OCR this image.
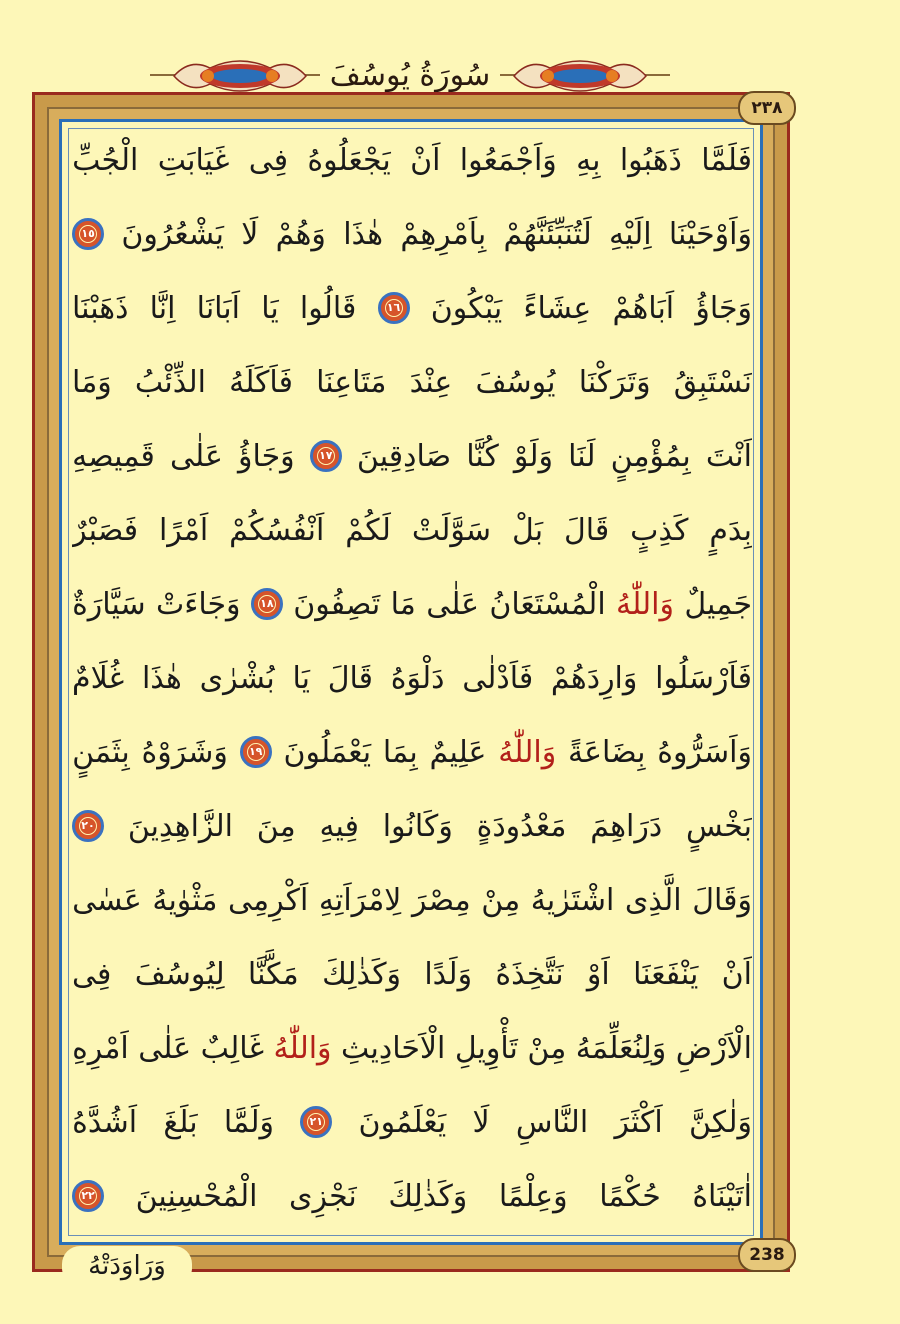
سُورَةُ يُوسُفَ
٢٣٨
238
فَلَمَّا
ذَهَبُوا
بِهِ
وَاَجْمَعُوا
اَنْ
يَجْعَلُوهُ
فِى
غَيَابَتِ
الْجُبِّ
وَاَوْحَيْنَا
اِلَيْهِ
لَتُنَبِّئَنَّهُمْ
بِاَمْرِهِمْ
هٰذَا
وَهُمْ
لَا
يَشْعُرُونَ
١٥
وَجَاؤُ
اَبَاهُمْ
عِشَاءً
يَبْكُونَ
١٦
قَالُوا
يَا
اَبَانَا
اِنَّا
ذَهَبْنَا
نَسْتَبِقُ
وَتَرَكْنَا
يُوسُفَ
عِنْدَ
مَتَاعِنَا
فَاَكَلَهُ
الذِّئْبُ
وَمَا
اَنْتَ
بِمُؤْمِنٍ
لَنَا
وَلَوْ
كُنَّا
صَادِقِينَ
١٧
وَجَاؤُ
عَلٰى
قَمِيصِهِ
بِدَمٍ
كَذِبٍ
قَالَ
بَلْ
سَوَّلَتْ
لَكُمْ
اَنْفُسُكُمْ
اَمْرًا
فَصَبْرٌ
جَمِيلٌ
وَاللّٰهُ
الْمُسْتَعَانُ
عَلٰى
مَا
تَصِفُونَ
١٨
وَجَاءَتْ
سَيَّارَةٌ
فَاَرْسَلُوا
وَارِدَهُمْ
فَاَدْلٰى
دَلْوَهُ
قَالَ
يَا
بُشْرٰى
هٰذَا
غُلَامٌ
وَاَسَرُّوهُ
بِضَاعَةً
وَاللّٰهُ
عَلِيمٌ
بِمَا
يَعْمَلُونَ
١٩
وَشَرَوْهُ
بِثَمَنٍ
بَخْسٍ
دَرَاهِمَ
مَعْدُودَةٍ
وَكَانُوا
فِيهِ
مِنَ
الزَّاهِدِينَ
٢٠
وَقَالَ
الَّذِى
اشْتَرٰيهُ
مِنْ
مِصْرَ
لِامْرَاَتِهِ
اَكْرِمِى
مَثْوٰيهُ
عَسٰى
اَنْ
يَنْفَعَنَا
اَوْ
نَتَّخِذَهُ
وَلَدًا
وَكَذٰلِكَ
مَكَّنَّا
لِيُوسُفَ
فِى
الْاَرْضِ
وَلِنُعَلِّمَهُ
مِنْ
تَأْوِيلِ
الْاَحَادِيثِ
وَاللّٰهُ
غَالِبٌ
عَلٰى
اَمْرِهِ
وَلٰكِنَّ
اَكْثَرَ
النَّاسِ
لَا
يَعْلَمُونَ
٢١
وَلَمَّا
بَلَغَ
اَشُدَّهُ
اٰتَيْنَاهُ
حُكْمًا
وَعِلْمًا
وَكَذٰلِكَ
نَجْزِى
الْمُحْسِنِينَ
٢٢
وَرَاوَدَتْهُ
